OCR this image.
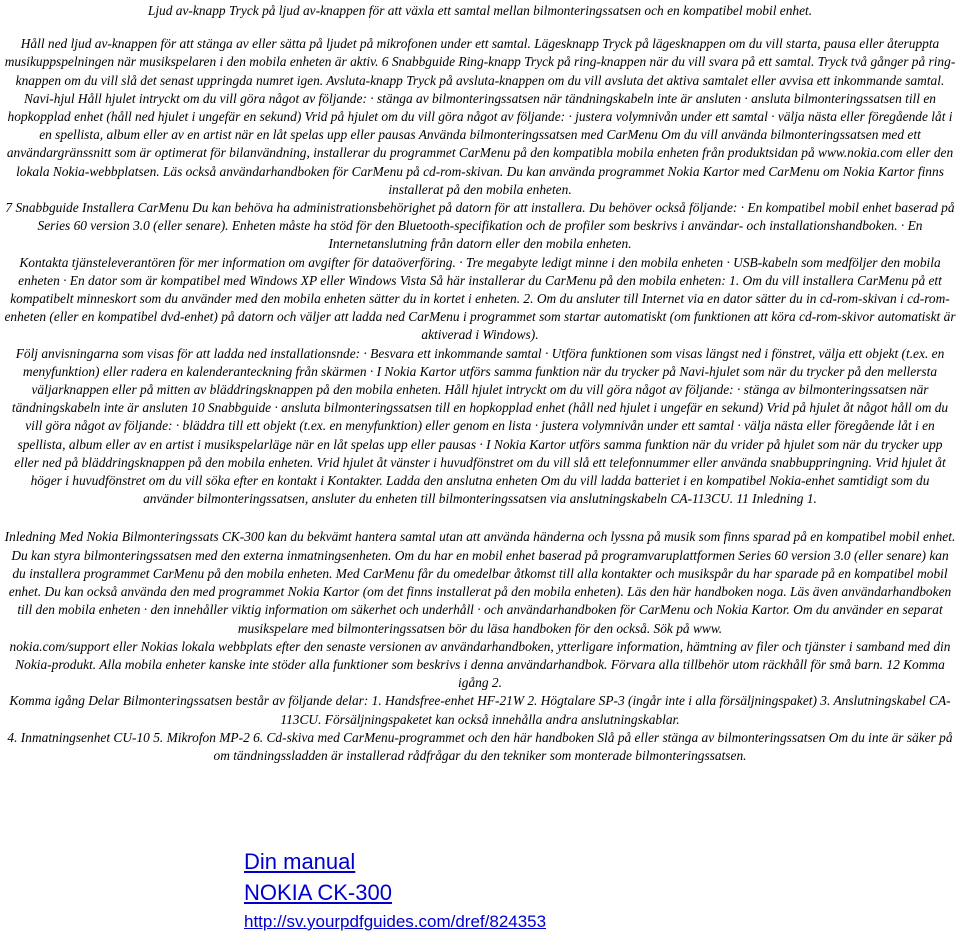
Ljud av-knapp Tryck på ljud av-knappen för att växla ett samtal mellan bilmonteringssatsen och en kompatibel mobil enhet.

Håll ned ljud av-knappen för att stänga av eller sätta på ljudet på mikrofonen under ett samtal. Lägesknapp Tryck på lägesknappen om du vill starta, pausa eller återuppta musikuppspelningen när musikspelaren i den mobila enheten är aktiv. 6 Snabbguide Ring-knapp Tryck på ring-knappen när du vill svara på ett samtal. Tryck två gånger på ring-knappen om du vill slå det senast uppringda numret igen. Avsluta-knapp Tryck på avsluta-knappen om du vill avsluta det aktiva samtalet eller avvisa ett inkommande samtal.

Navi-hjul Håll hjulet intryckt om du vill göra något av följande: · stänga av bilmonteringssatsen när tändningskabeln inte är ansluten · ansluta bilmonteringssatsen till en hopkopplad enhet (håll ned hjulet i ungefär en sekund) Vrid på hjulet om du vill göra något av följande: · justera volymnivån under ett samtal · välja nästa eller föregående låt i en spellista, album eller av en artist när en låt spelas upp eller pausas Använda bilmonteringssatsen med CarMenu Om du vill använda bilmonteringssatsen med ett användargränssnitt som är optimerat för bilanvändning, installerar du programmet CarMenu på den kompatibla mobila enheten från produktsidan på www.nokia.com eller den lokala Nokia-webbplatsen. Läs också användarhandboken för CarMenu på cd-rom-skivan. Du kan använda programmet Nokia Kartor med CarMenu om Nokia Kartor finns installerat på den mobila enheten.

7 Snabbguide Installera CarMenu Du kan behöva ha administrationsbehörighet på datorn för att installera. Du behöver också följande: · En kompatibel mobil enhet baserad på Series 60 version 3.0 (eller senare). Enheten måste ha stöd för den Bluetooth-specifikation och de profiler som beskrivs i användar- och installationshandboken. · En Internetanslutning från datorn eller den mobila enheten.

Kontakta tjänsteleverantören för mer information om avgifter för dataöverföring. · Tre megabyte ledigt minne i den mobila enheten · USB-kabeln som medföljer den mobila enheten · En dator som är kompatibel med Windows XP eller Windows Vista Så här installerar du CarMenu på den mobila enheten: 1. Om du vill installera CarMenu på ett kompatibelt minneskort som du använder med den mobila enheten sätter du in kortet i enheten. 2. Om du ansluter till Internet via en dator sätter du in cd-rom-skivan i cd-rom-enheten (eller en kompatibel dvd-enhet) på datorn och väljer att ladda ned CarMenu i programmet som startar automatiskt (om funktionen att köra cd-rom-skivor automatiskt är aktiverad i Windows).

Följ anvisningarna som visas för att ladda ned installationsnde: · Besvara ett inkommande samtal · Utföra funktionen som visas längst ned i fönstret, välja ett objekt (t.ex. en menyfunktion) eller radera en kalenderanteckning från skärmen · I Nokia Kartor utförs samma funktion när du trycker på Navi-hjulet som när du trycker på den mellersta väljarknappen eller på mitten av bläddringsknappen på den mobila enheten. Håll hjulet intryckt om du vill göra något av följande: · stänga av bilmonteringssatsen när tändningskabeln inte är ansluten 10 Snabbguide · ansluta bilmonteringssatsen till en hopkopplad enhet (håll ned hjulet i ungefär en sekund) Vrid på hjulet åt något håll om du vill göra något av följande: · bläddra till ett objekt (t.ex. en menyfunktion) eller genom en lista · justera volymnivån under ett samtal · välja nästa eller föregående låt i en spellista, album eller av en artist i musikspelarläge när en låt spelas upp eller pausas · I Nokia Kartor utförs samma funktion när du vrider på hjulet som när du trycker upp eller ned på bläddringsknappen på den mobila enheten. Vrid hjulet åt vänster i huvudfönstret om du vill slå ett telefonnummer eller använda snabbuppringning. Vrid hjulet åt höger i huvudfönstret om du vill söka efter en kontakt i Kontakter. Ladda den anslutna enheten Om du vill ladda batteriet i en kompatibel Nokia-enhet samtidigt som du använder bilmonteringssatsen, ansluter du enheten till bilmonteringssatsen via anslutningskabeln CA-113CU. 11 Inledning 1.

Inledning Med Nokia Bilmonteringssats CK-300 kan du bekvämt hantera samtal utan att använda händerna och lyssna på musik som finns sparad på en kompatibel mobil enhet. Du kan styra bilmonteringssatsen med den externa inmatningsenheten. Om du har en mobil enhet baserad på programvaruplattformen Series 60 version 3.0 (eller senare) kan du installera programmet CarMenu på den mobila enheten. Med CarMenu får du omedelbar åtkomst till alla kontakter och musikspår du har sparade på en kompatibel mobil enhet. Du kan också använda den med programmet Nokia Kartor (om det finns installerat på den mobila enheten). Läs den här handboken noga. Läs även användarhandboken till den mobila enheten · den innehåller viktig information om säkerhet och underhåll · och användarhandboken för CarMenu och Nokia Kartor. Om du använder en separat musikspelare med bilmonteringssatsen bör du läsa handboken för den också. Sök på www.

nokia.com/support eller Nokias lokala webbplats efter den senaste versionen av användarhandboken, ytterligare information, hämtning av filer och tjänster i samband med din Nokia-produkt. Alla mobila enheter kanske inte stöder alla funktioner som beskrivs i denna användarhandbok. Förvara alla tillbehör utom räckhåll för små barn. 12 Komma igång 2.

Komma igång Delar Bilmonteringssatsen består av följande delar: 1. Handsfree-enhet HF-21W 2. Högtalare SP-3 (ingår inte i alla försäljningspaket) 3. Anslutningskabel CA-113CU. Försäljningspaketet kan också innehålla andra anslutningskablar.

4. Inmatningsenhet CU-10 5. Mikrofon MP-2 6. Cd-skiva med CarMenu-programmet och den här handboken Slå på eller stänga av bilmonteringssatsen Om du inte är säker på om tändningssladden är installerad rådfrågar du den tekniker som monterade bilmonteringssatsen.

Din manual
NOKIA CK-300
http://sv.yourpdfguides.com/dref/824353
